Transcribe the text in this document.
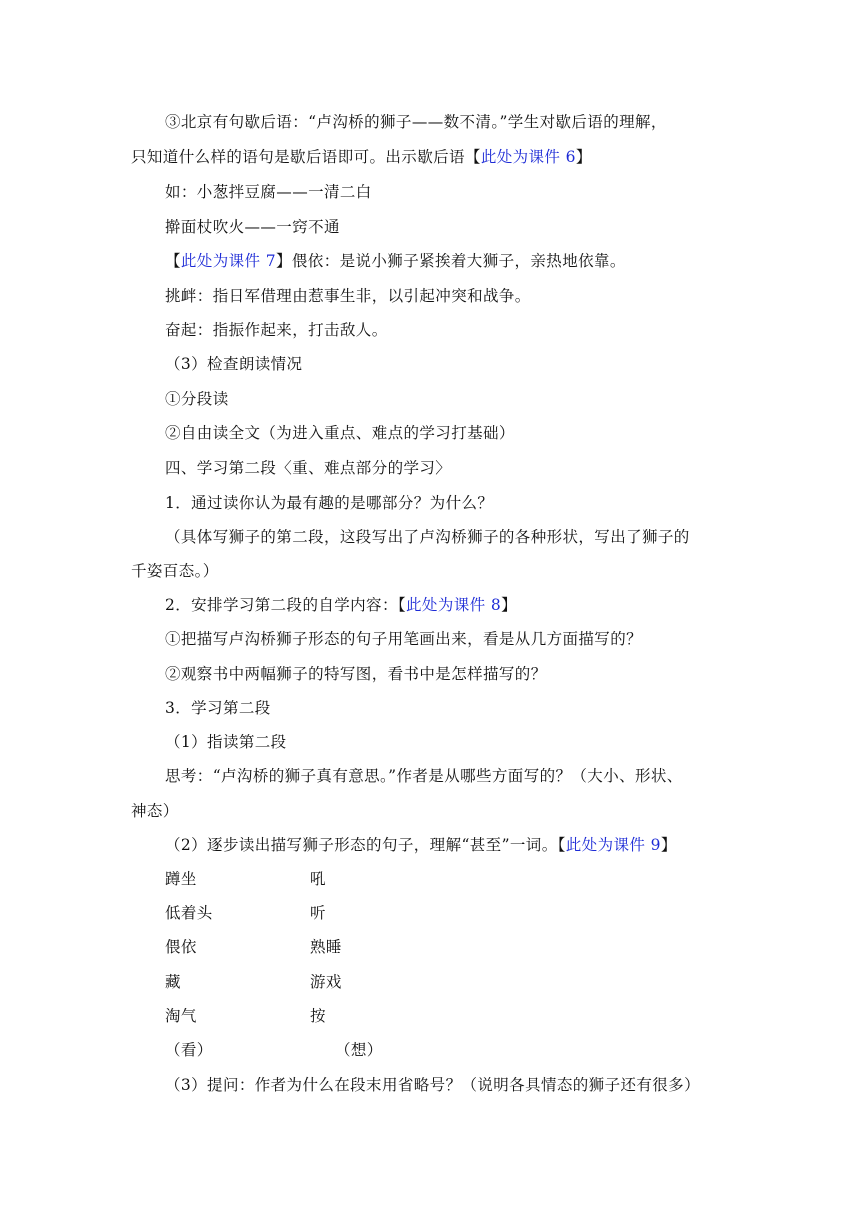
③北京有句歇后语：“卢沟桥的狮子——数不清。”学生对歇后语的理解，
只知道什么样的语句是歇后语即可。出示歇后语【此处为课件 6】
如：小葱拌豆腐——一清二白
擀面杖吹火——一窍不通
【此处为课件 7】偎依：是说小狮子紧挨着大狮子，亲热地依靠。
挑衅：指日军借理由惹事生非，以引起冲突和战争。
奋起：指振作起来，打击敌人。
（3）检查朗读情况
①分段读
②自由读全文（为进入重点、难点的学习打基础）
四、学习第二段〈重、难点部分的学习〉
1．通过读你认为最有趣的是哪部分？为什么？
（具体写狮子的第二段，这段写出了卢沟桥狮子的各种形状，写出了狮子的
千姿百态。）
2．安排学习第二段的自学内容：【此处为课件 8】
①把描写卢沟桥狮子形态的句子用笔画出来，看是从几方面描写的？
②观察书中两幅狮子的特写图，看书中是怎样描写的？
3．学习第二段
（1）指读第二段
思考：“卢沟桥的狮子真有意思。”作者是从哪些方面写的？（大小、形状、
神态）
（2）逐步读出描写狮子形态的句子，理解“甚至”一词。【此处为课件 9】
蹲坐	吼
低着头	听
偎依	熟睡
藏	游戏
淘气	按
（看）	（想）
（3）提问：作者为什么在段末用省略号？（说明各具情态的狮子还有很多）
